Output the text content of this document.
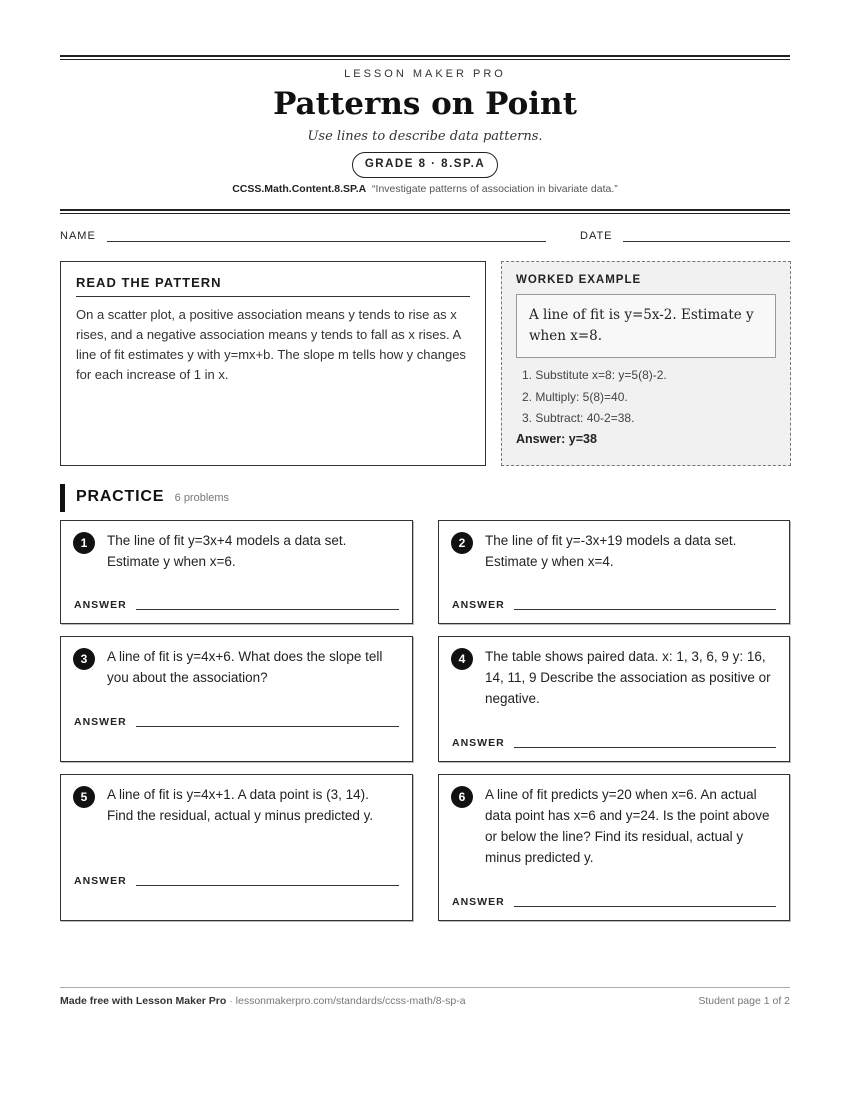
LESSON MAKER PRO
Patterns on Point
Use lines to describe data patterns.
GRADE 8 · 8.SP.A
CCSS.Math.Content.8.SP.A “Investigate patterns of association in bivariate data.”
NAME	DATE
READ THE PATTERN
On a scatter plot, a positive association means y tends to rise as x rises, and a negative association means y tends to fall as x rises. A line of fit estimates y with y=mx+b. The slope m tells how y changes for each increase of 1 in x.
WORKED EXAMPLE
A line of fit is y=5x-2. Estimate y when x=8.
1. Substitute x=8: y=5(8)-2.
2. Multiply: 5(8)=40.
3. Subtract: 40-2=38.
Answer: y=38
PRACTICE 6 problems
1	The line of fit y=3x+4 models a data set. Estimate y when x=6.
ANSWER
2	The line of fit y=-3x+19 models a data set. Estimate y when x=4.
ANSWER
3	A line of fit is y=4x+6. What does the slope tell you about the association?
ANSWER
4	The table shows paired data. x: 1, 3, 6, 9 y: 16, 14, 11, 9 Describe the association as positive or negative.
ANSWER
5	A line of fit is y=4x+1. A data point is (3, 14). Find the residual, actual y minus predicted y.
ANSWER
6	A line of fit predicts y=20 when x=6. An actual data point has x=6 and y=24. Is the point above or below the line? Find its residual, actual y minus predicted y.
ANSWER
Made free with Lesson Maker Pro · lessonmakerpro.com/standards/ccss-math/8-sp-a	Student page 1 of 2
